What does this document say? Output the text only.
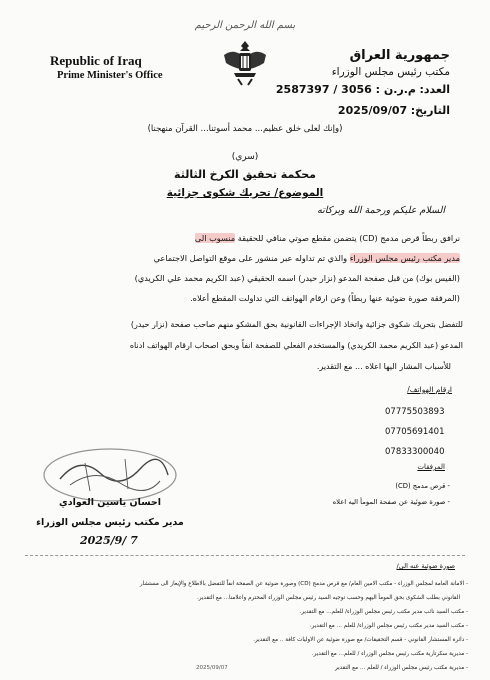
بسم الله الرحمن الرحيم
Republic of Iraq
Prime Minister's Office
جمهورية العراق
مكتب رئيس مجلس الوزراء
العدد: 2587397 / 3056 : م.ر.ن
التاريخ: 2025/09/07
(وإنك لعلى خلق عظيم... محمد أسوتنا... القرآن منهجنا)
(سري)
محكمة تحقيق الكرخ الثالثة
الموضوع/ تحريك شكوى جزائية
السلام عليكم ورحمة الله وبركاته
نرافق ربطاً قرص مدمج (CD) يتضمن مقطع صوتي منافي للحقيقة منسوب الى
مدير مكتب رئيس مجلس الوزراء والذي تم تداوله عبر منشور على موقع التواصل الاجتماعي
(الفيس بوك) من قبل صفحة المدعو (نزار حيدر) اسمه الحقيقي (عبد الكريم محمد علي الكريدي)
(المرفقة صورة ضوئية عنها ربطاً) وعن ارقام الهواتف التي تداولت المقطع أعلاه.
للتفضل بتحريك شكوى جزائية واتخاذ الإجراءات القانونية بحق المشكو منهم صاحب صفحة (نزار حيدر)
المدعو (عبد الكريم محمد الكريدي) والمستخدم الفعلي للصفحة انفاً وبحق اصحاب ارقام الهواتف ادناه
للأسباب المشار اليها اعلاه ... مع التقدير.
ارقام الهواتف/
07775503893
07705691401
07833300040
احسان ياسين العوادي
مدير مكتب رئيس مجلس الوزراء
2025/9/ 7
المرفقات
- قرص مدمج (CD)
- صورة ضوئية عن صفحة المومأ اليه اعلاه
صورة ضوئية عنه الى/
- الامانة العامة لمجلس الوزراء - مكتب الامين العام/ مع قرص مدمج (CD) وصورة ضوئية عن الصفحة انفاً للتفضل بالاطلاع والإيعاز الى مستشار
القانوني بطلب الشكوى بحق المومأ اليهم وحسب توجيه السيد رئيس مجلس الوزراء المحترم واعلامنا... مع التقدير.
- مكتب السيد نائب مدير مكتب رئيس مجلس الوزراء/ للعلم... مع التقدير.
- مكتب السيد مدير مكتب رئيس مجلس الوزراء/ للعلم ... مع التقدير.
- دائرة المستشار القانوني - قسم التحقيقات/ مع صورة ضوئية عن الاوليات كافة .. مع التقدير.
- مديرية سكرتارية مكتب رئيس مجلس الوزراء / للعلم... مع التقدير.
- مديرية مكتب رئيس مجلس الوزراء / للعلم ... مع التقدير
2025/09/07
